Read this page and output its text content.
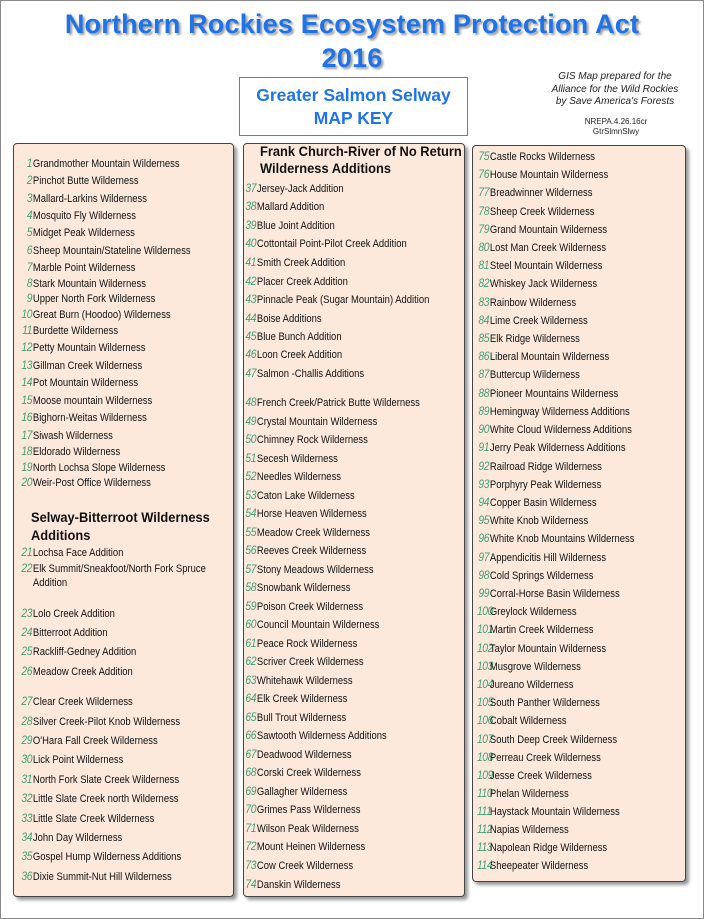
Northern Rockies Ecosystem Protection Act
2016
Greater Salmon Selway
MAP KEY
GIS Map prepared for the
Alliance for the Wild Rockies
by Save America's Forests
NREPA.4.26.16cr
GtrSlmnSlwy
1Grandmother Mountain Wilderness
2Pinchot Butte Wilderness
3Mallard-Larkins Wilderness
4Mosquito Fly Wilderness
5Midget Peak Wilderness
6Sheep Mountain/Stateline Wilderness
7Marble Point Wilderness
8Stark Mountain Wilderness
9Upper North Fork Wilderness
10Great Burn (Hoodoo) Wilderness
11Burdette Wilderness
12Petty Mountain Wilderness
13Gillman Creek Wilderness
14Pot Mountain Wilderness
15Moose mountain Wilderness
16Bighorn-Weitas Wilderness
17Siwash Wilderness
18Eldorado Wilderness
19North Lochsa Slope Wilderness
20Weir-Post Office Wilderness
Selway-Bitterroot Wilderness
Additions
21Lochsa Face Addition
22Elk Summit/Sneakfoot/North Fork Spruce
Addition
23Lolo Creek Addition
24Bitterroot Addition
25Rackliff-Gedney Addition
26Meadow Creek Addition
27Clear Creek Wilderness
28Silver Creek-Pilot Knob Wilderness
29O'Hara Fall Creek Wilderness
30Lick Point Wilderness
31North Fork Slate Creek Wilderness
32Little Slate Creek north Wilderness
33Little Slate Creek Wilderness
34John Day Wilderness
35Gospel Hump Wilderness Additions
36Dixie Summit-Nut Hill Wilderness
Frank Church-River of No Return
Wilderness Additions
37Jersey-Jack Addition
38Mallard Addition
39Blue Joint Addition
40Cottontail Point-Pilot Creek Addition
41Smith Creek Addition
42Placer Creek Addition
43Pinnacle Peak (Sugar Mountain) Addition
44Boise Additions
45Blue Bunch Addition
46Loon Creek Addition
47Salmon -Challis Additions
48French Creek/Patrick Butte Wilderness
49Crystal Mountain Wilderness
50Chimney Rock Wilderness
51Secesh Wilderness
52Needles Wilderness
53Caton Lake Wilderness
54Horse Heaven Wilderness
55Meadow Creek Wilderness
56Reeves Creek Wilderness
57Stony Meadows Wilderness
58Snowbank Wilderness
59Poison Creek Wilderness
60Council Mountain Wilderness
61Peace Rock Wilderness
62Scriver Creek Wilderness
63Whitehawk Wilderness
64Elk Creek Wilderness
65Bull Trout Wilderness
66Sawtooth Wilderness Additions
67Deadwood Wilderness
68Corski Creek Wilderness
69Gallagher Wilderness
70Grimes Pass Wilderness
71Wilson Peak Wilderness
72Mount Heinen Wilderness
73Cow Creek Wilderness
74Danskin Wilderness
75Castle Rocks Wilderness
76House Mountain Wilderness
77Breadwinner Wilderness
78Sheep Creek Wilderness
79Grand Mountain Wilderness
80Lost Man Creek Wilderness
81Steel Mountain Wilderness
82Whiskey Jack Wilderness
83Rainbow Wilderness
84Lime Creek Wilderness
85Elk Ridge Wilderness
86Liberal Mountain Wilderness
87Buttercup Wilderness
88Pioneer Mountains Wilderness
89Hemingway Wilderness Additions
90White Cloud Wilderness Additions
91Jerry Peak Wilderness Additions
92Railroad Ridge Wilderness
93Porphyry Peak Wilderness
94Copper Basin Wilderness
95White Knob Wilderness
96White Knob Mountains Wilderness
97Appendicitis Hill Wilderness
98Cold Springs Wilderness
99Corral-Horse Basin Wilderness
100Greylock Wilderness
101Martin Creek Wilderness
102Taylor Mountain Wilderness
103Musgrove Wilderness
104Jureano Wilderness
105South Panther Wilderness
106Cobalt Wilderness
107South Deep Creek Wilderness
108Perreau Creek Wilderness
109Jesse Creek Wilderness
110Phelan Wilderness
111Haystack Mountain Wilderness
112Napias Wilderness
113Napolean Ridge Wilderness
114Sheepeater Wilderness
